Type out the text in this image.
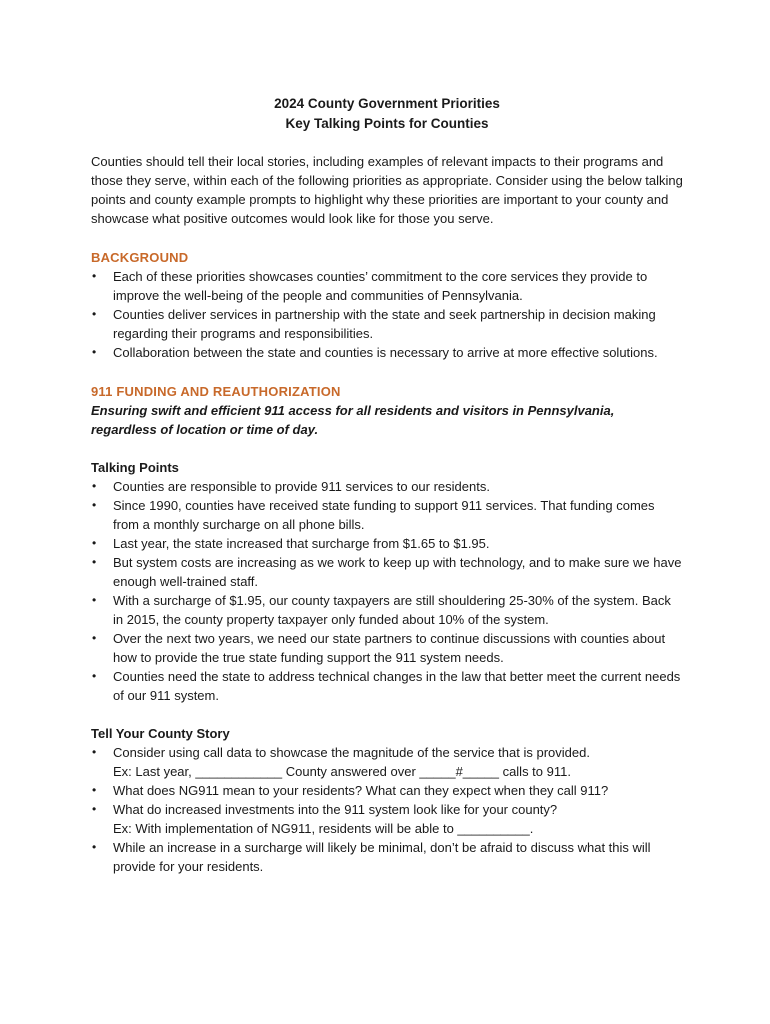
2024 County Government Priorities

Key Talking Points for Counties

Counties should tell their local stories, including examples of relevant impacts to their programs and those they serve, within each of the following priorities as appropriate. Consider using the below talking points and county example prompts to highlight why these priorities are important to your county and showcase what positive outcomes would look like for those you serve.

BACKGROUND

• Each of these priorities showcases counties’ commitment to the core services they provide to improve the well-being of the people and communities of Pennsylvania.
• Counties deliver services in partnership with the state and seek partnership in decision making regarding their programs and responsibilities.
• Collaboration between the state and counties is necessary to arrive at more effective solutions.

911 FUNDING AND REAUTHORIZATION

Ensuring swift and efficient 911 access for all residents and visitors in Pennsylvania, regardless of location or time of day.

Talking Points

• Counties are responsible to provide 911 services to our residents.
• Since 1990, counties have received state funding to support 911 services. That funding comes from a monthly surcharge on all phone bills.
• Last year, the state increased that surcharge from $1.65 to $1.95.
• But system costs are increasing as we work to keep up with technology, and to make sure we have enough well-trained staff.
• With a surcharge of $1.95, our county taxpayers are still shouldering 25-30% of the system. Back in 2015, the county property taxpayer only funded about 10% of the system.
• Over the next two years, we need our state partners to continue discussions with counties about how to provide the true state funding support the 911 system needs.
• Counties need the state to address technical changes in the law that better meet the current needs of our 911 system.

Tell Your County Story

• Consider using call data to showcase the magnitude of the service that is provided.
Ex: Last year, ____________ County answered over _____#_____ calls to 911.
• What does NG911 mean to your residents? What can they expect when they call 911?
• What do increased investments into the 911 system look like for your county?
Ex: With implementation of NG911, residents will be able to __________.
• While an increase in a surcharge will likely be minimal, don’t be afraid to discuss what this will provide for your residents.
